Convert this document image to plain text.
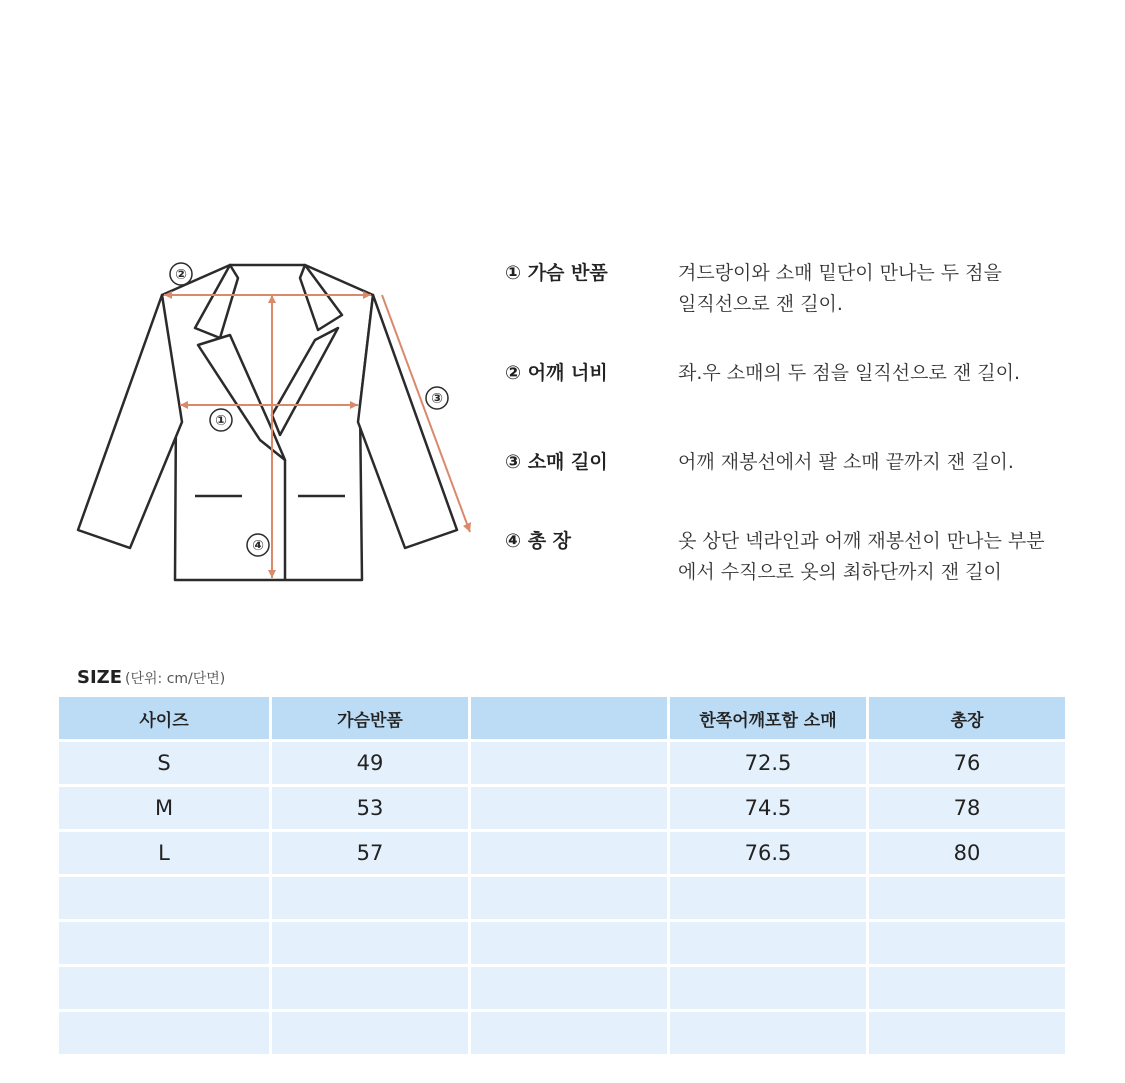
②
①
③
④
① 가슴 반품	겨드랑이와 소매 밑단이 만나는 두 점을
일직선으로 잰 길이.
② 어깨 너비	좌.우 소매의 두 점을 일직선으로 잰 길이.
③ 소매 길이	어깨 재봉선에서 팔 소매 끝까지 잰 길이.
④ 총 장	옷 상단 넥라인과 어깨 재봉선이 만나는 부분
에서 수직으로 옷의 최하단까지 잰 길이
SIZE (단위: cm/단면)
사이즈	가슴반품		한쪽어깨포함 소매	총장
S	49		72.5	76
M	53		74.5	78
L	57		76.5	80
